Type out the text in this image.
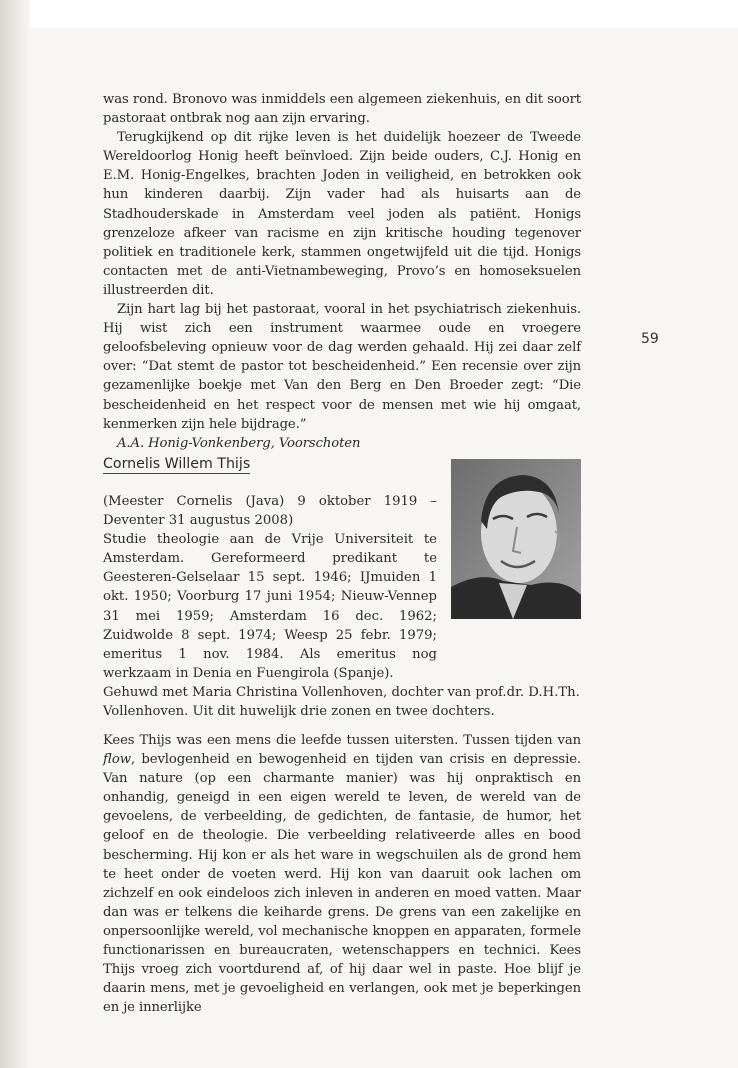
was rond. Bronovo was inmiddels een algemeen ziekenhuis, en dit soort pastoraat ontbrak nog aan zijn ervaring.

Terugkijkend op dit rijke leven is het duidelijk hoezeer de Tweede Wereldoorlog Honig heeft beïnvloed. Zijn beide ouders, C.J. Honig en E.M. Honig-Engelkes, brachten Joden in veiligheid, en betrokken ook hun kinderen daarbij. Zijn vader had als huisarts aan de Stadhouderskade in Amsterdam veel joden als patiënt. Honigs grenzeloze afkeer van racisme en zijn kritische houding tegenover politiek en traditionele kerk, stammen ongetwijfeld uit die tijd. Honigs contacten met de anti-Vietnambeweging, Provo’s en homoseksuelen illustreerden dit.

Zijn hart lag bij het pastoraat, vooral in het psychiatrisch ziekenhuis. Hij wist zich een instrument waarmee oude en vroegere geloofsbeleving opnieuw voor de dag werden gehaald. Hij zei daar zelf over: “Dat stemt de pastor tot bescheidenheid.” Een recensie over zijn gezamenlijke boekje met Van den Berg en Den Broeder zegt: “Die bescheidenheid en het respect voor de mensen met wie hij omgaat, kenmerken zijn hele bijdrage.”

A.A. Honig-Vonkenberg, Voorschoten

59
Cornelis Willem Thijs

(Meester Cornelis (Java) 9 oktober 1919 – Deventer 31 augustus 2008)

Studie theologie aan de Vrije Universiteit te Amsterdam. Gereformeerd predikant te Geesteren-Gelselaar 15 sept. 1946; IJmuiden 1 okt. 1950; Voorburg 17 juni 1954; Nieuw-Vennep 31 mei 1959; Amsterdam 16 dec. 1962; Zuidwolde 8 sept. 1974; Weesp 25 febr. 1979; emeritus 1 nov. 1984. Als emeritus nog werkzaam in Denia en Fuengirola (Spanje).

Gehuwd met Maria Christina Vollenhoven, dochter van prof.dr. D.H.Th. Vollenhoven. Uit dit huwelijk drie zonen en twee dochters.

Kees Thijs was een mens die leefde tussen uitersten. Tussen tijden van flow, bevlogenheid en bewogenheid en tijden van crisis en depressie. Van nature (op een charmante manier) was hij onpraktisch en onhandig, geneigd in een eigen wereld te leven, de wereld van de gevoelens, de verbeelding, de gedichten, de fantasie, de humor, het geloof en de theologie. Die verbeelding relativeerde alles en bood bescherming. Hij kon er als het ware in wegschuilen als de grond hem te heet onder de voeten werd. Hij kon van daaruit ook lachen om zichzelf en ook eindeloos zich inleven in anderen en moed vatten. Maar dan was er telkens die keiharde grens. De grens van een zakelijke en onpersoonlijke wereld, vol mechanische knoppen en apparaten, formele functionarissen en bureaucraten, wetenschappers en technici. Kees Thijs vroeg zich voortdurend af, of hij daar wel in paste. Hoe blijf je daarin mens, met je gevoeligheid en verlangen, ook met je beperkingen en je innerlijke
